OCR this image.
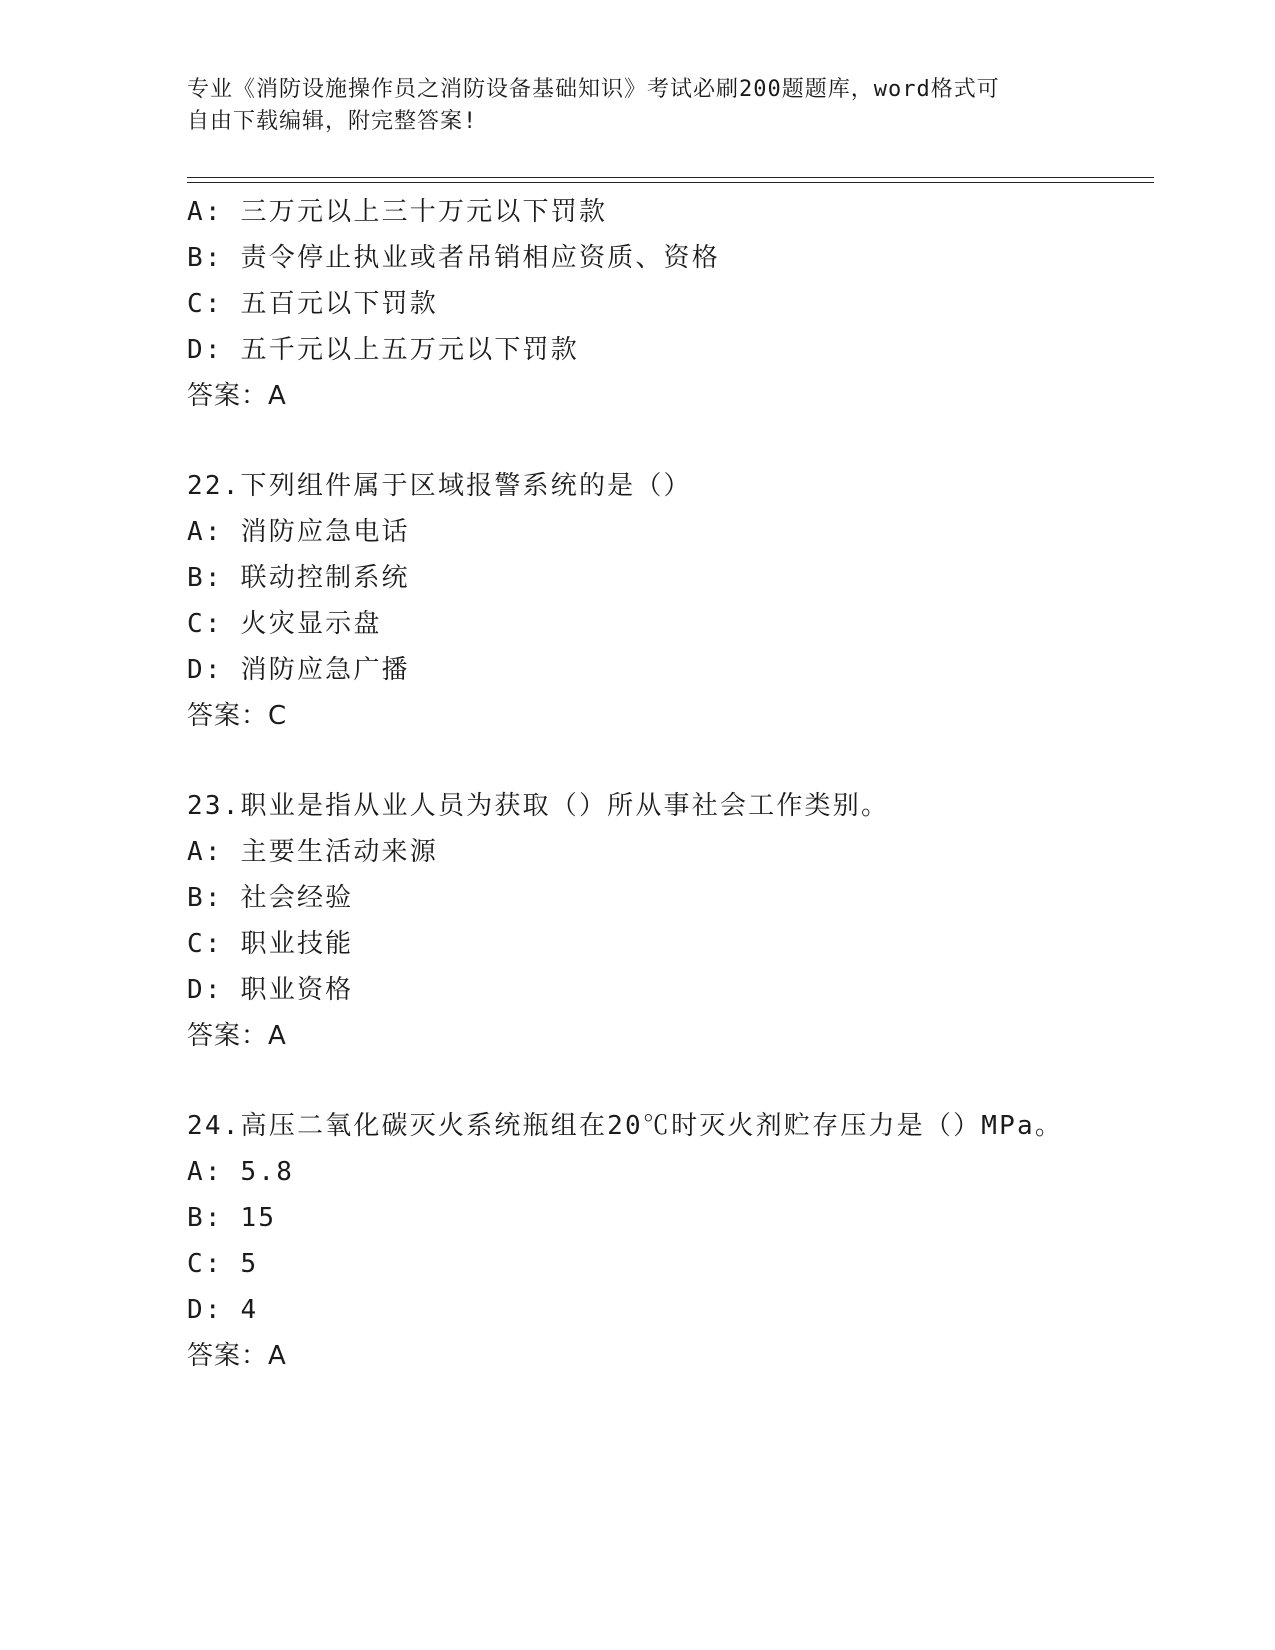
专业《消防设施操作员之消防设备基础知识》考试必刷200题题库，word格式可
自由下载编辑，附完整答案!
A: 三万元以上三十万元以下罚款
B: 责令停止执业或者吊销相应资质、资格
C: 五百元以下罚款
D: 五千元以上五万元以下罚款
答案：A
22.下列组件属于区域报警系统的是（）
A: 消防应急电话
B: 联动控制系统
C: 火灾显示盘
D: 消防应急广播
答案：C
23.职业是指从业人员为获取（）所从事社会工作类别。
A: 主要生活动来源
B: 社会经验
C: 职业技能
D: 职业资格
答案：A
24.高压二氧化碳灭火系统瓶组在20℃时灭火剂贮存压力是（）MPa。
A: 5.8
B: 15
C: 5
D: 4
答案：A
